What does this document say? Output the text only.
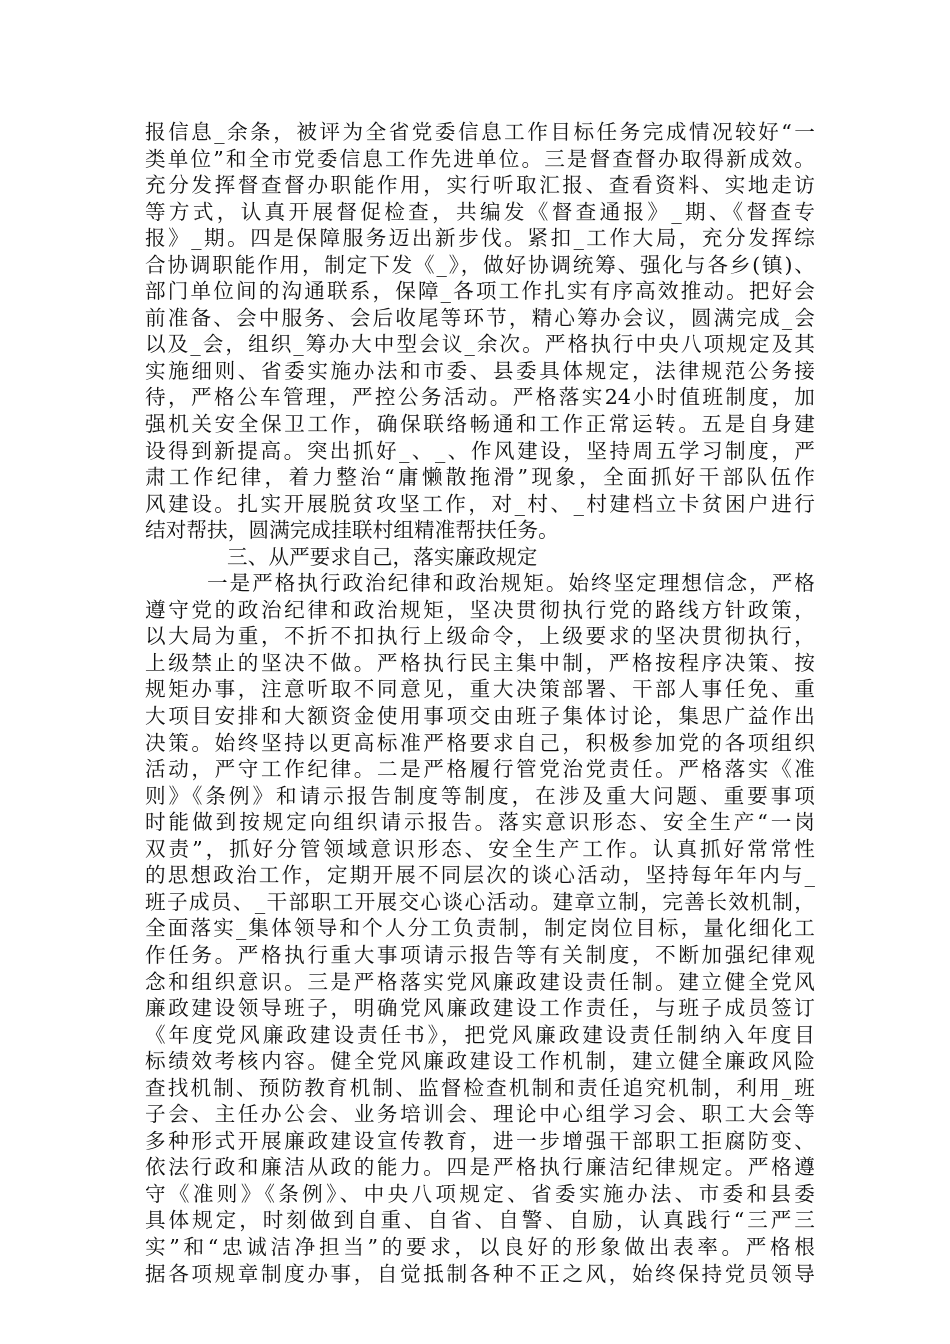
报信息_余条，被评为全省党委信息工作目标任务完成情况较好“一
类单位”和全市党委信息工作先进单位。三是督查督办取得新成效。
充分发挥督查督办职能作用，实行听取汇报、查看资料、实地走访
等方式，认真开展督促检查，共编发《督查通报》_期、《督查专
报》_期。四是保障服务迈出新步伐。紧扣_工作大局，充分发挥综
合协调职能作用，制定下发《_》，做好协调统筹、强化与各乡(镇)、
部门单位间的沟通联系，保障_各项工作扎实有序高效推动。把好会
前准备、会中服务、会后收尾等环节，精心筹办会议，圆满完成_会
以及_会，组织_筹办大中型会议_余次。严格执行中央八项规定及其
实施细则、省委实施办法和市委、县委具体规定，法律规范公务接
待，严格公车管理，严控公务活动。严格落实24小时值班制度，加
强机关安全保卫工作，确保联络畅通和工作正常运转。五是自身建
设得到新提高。突出抓好_、_、作风建设，坚持周五学习制度，严
肃工作纪律，着力整治“庸懒散拖滑”现象，全面抓好干部队伍作
风建设。扎实开展脱贫攻坚工作，对_村、_村建档立卡贫困户进行
结对帮扶，圆满完成挂联村组精准帮扶任务。
三、从严要求自己，落实廉政规定
一是严格执行政治纪律和政治规矩。始终坚定理想信念，严格
遵守党的政治纪律和政治规矩，坚决贯彻执行党的路线方针政策，
以大局为重，不折不扣执行上级命令，上级要求的坚决贯彻执行，
上级禁止的坚决不做。严格执行民主集中制，严格按程序决策、按
规矩办事，注意听取不同意见，重大决策部署、干部人事任免、重
大项目安排和大额资金使用事项交由班子集体讨论，集思广益作出
决策。始终坚持以更高标准严格要求自己，积极参加党的各项组织
活动，严守工作纪律。二是严格履行管党治党责任。严格落实《准
则》《条例》和请示报告制度等制度，在涉及重大问题、重要事项
时能做到按规定向组织请示报告。落实意识形态、安全生产“一岗
双责”，抓好分管领域意识形态、安全生产工作。认真抓好常常性
的思想政治工作，定期开展不同层次的谈心活动，坚持每年年内与_
班子成员、_干部职工开展交心谈心活动。建章立制，完善长效机制，
全面落实_集体领导和个人分工负责制，制定岗位目标，量化细化工
作任务。严格执行重大事项请示报告等有关制度，不断加强纪律观
念和组织意识。三是严格落实党风廉政建设责任制。建立健全党风
廉政建设领导班子，明确党风廉政建设工作责任，与班子成员签订
《年度党风廉政建设责任书》，把党风廉政建设责任制纳入年度目
标绩效考核内容。健全党风廉政建设工作机制，建立健全廉政风险
查找机制、预防教育机制、监督检查机制和责任追究机制，利用_班
子会、主任办公会、业务培训会、理论中心组学习会、职工大会等
多种形式开展廉政建设宣传教育，进一步增强干部职工拒腐防变、
依法行政和廉洁从政的能力。四是严格执行廉洁纪律规定。严格遵
守《准则》《条例》、中央八项规定、省委实施办法、市委和县委
具体规定，时刻做到自重、自省、自警、自励，认真践行“三严三
实”和“忠诚洁净担当”的要求，以良好的形象做出表率。严格根
据各项规章制度办事，自觉抵制各种不正之风，始终保持党员领导
